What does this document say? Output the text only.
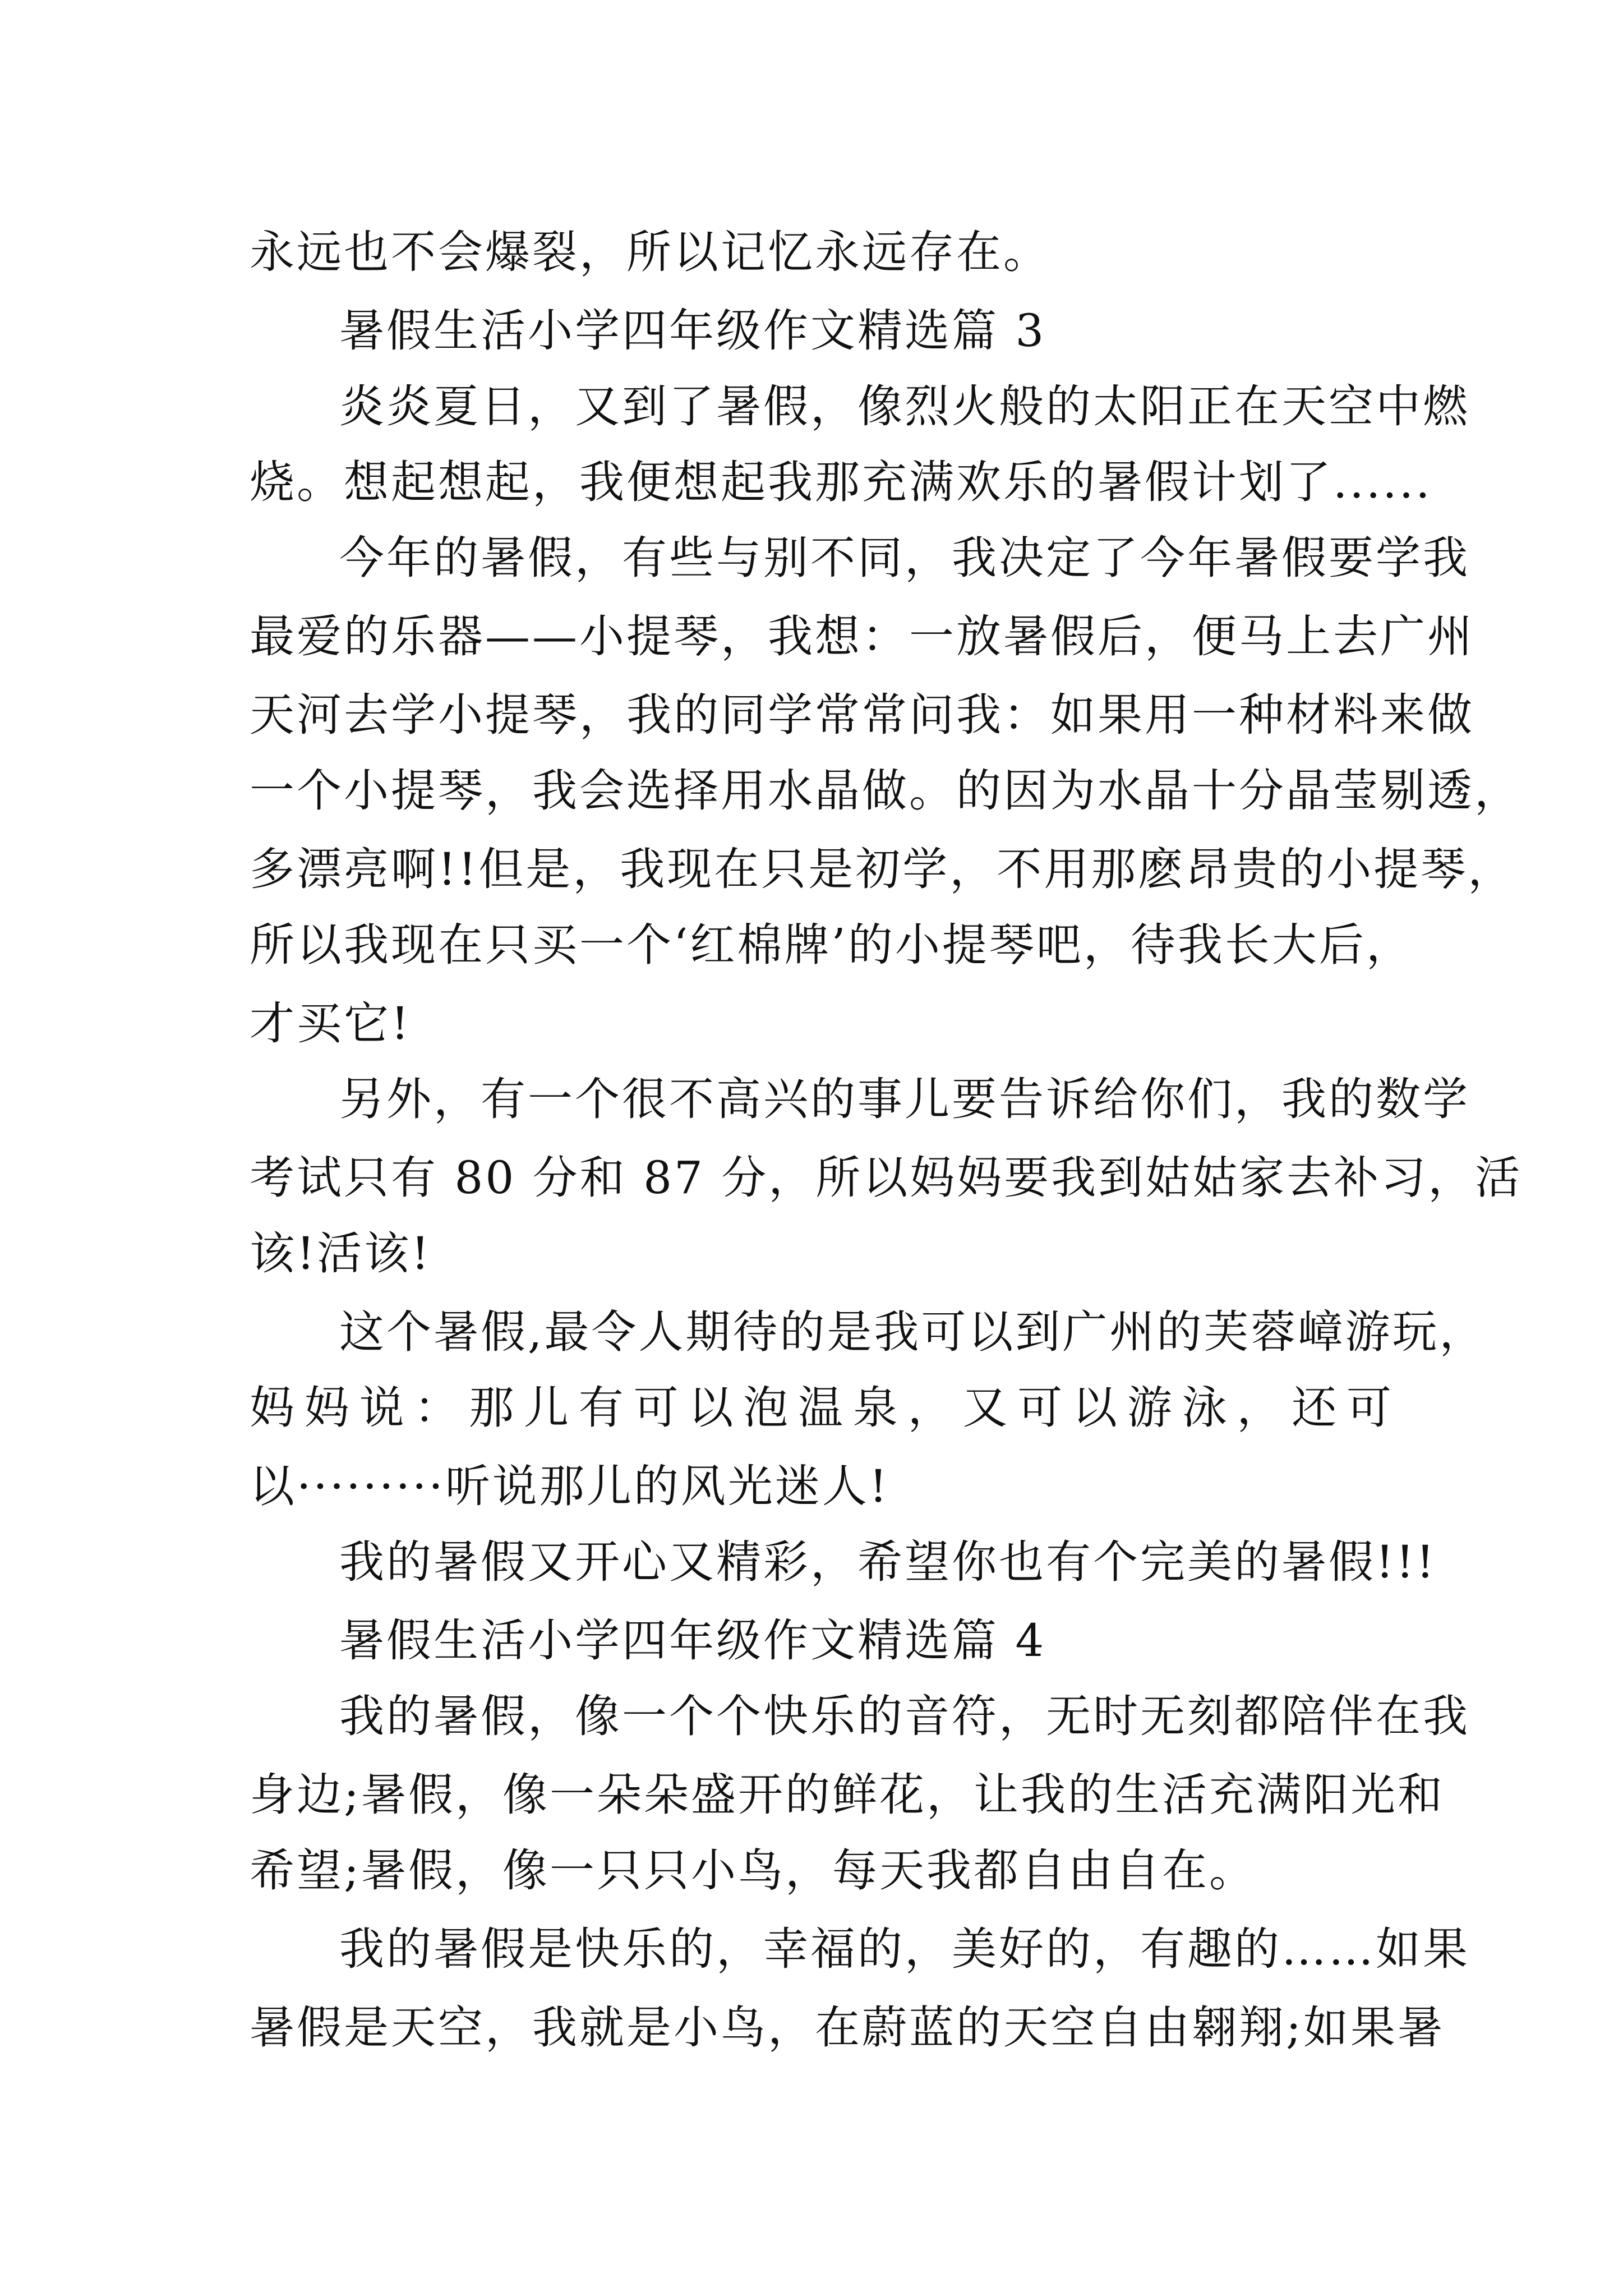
永远也不会爆裂，所以记忆永远存在。
暑假生活小学四年级作文精选篇 3
炎炎夏日，又到了暑假，像烈火般的太阳正在天空中燃
烧。想起想起，我便想起我那充满欢乐的暑假计划了......
今年的暑假，有些与别不同，我决定了今年暑假要学我
最爱的乐器——小提琴，我想：一放暑假后，便马上去广州
天河去学小提琴，我的同学常常问我：如果用一种材料来做
一个小提琴，我会选择用水晶做。的因为水晶十分晶莹剔透，
多漂亮啊!!但是，我现在只是初学，不用那麽昂贵的小提琴，
所以我现在只买一个‘红棉牌’的小提琴吧，待我长大后，
才买它!
另外，有一个很不高兴的事儿要告诉给你们，我的数学
考试只有 80 分和 87 分，所以妈妈要我到姑姑家去补习，活
该!活该!
这个暑假,最令人期待的是我可以到广州的芙蓉嶂游玩，
妈妈说：那儿有可以泡温泉，又可以游泳，还可
以·········听说那儿的风光迷人!
我的暑假又开心又精彩，希望你也有个完美的暑假!!!
暑假生活小学四年级作文精选篇 4
我的暑假，像一个个快乐的音符，无时无刻都陪伴在我
身边;暑假，像一朵朵盛开的鲜花，让我的生活充满阳光和
希望;暑假，像一只只小鸟，每天我都自由自在。
我的暑假是快乐的，幸福的，美好的，有趣的……如果
暑假是天空，我就是小鸟，在蔚蓝的天空自由翱翔;如果暑
